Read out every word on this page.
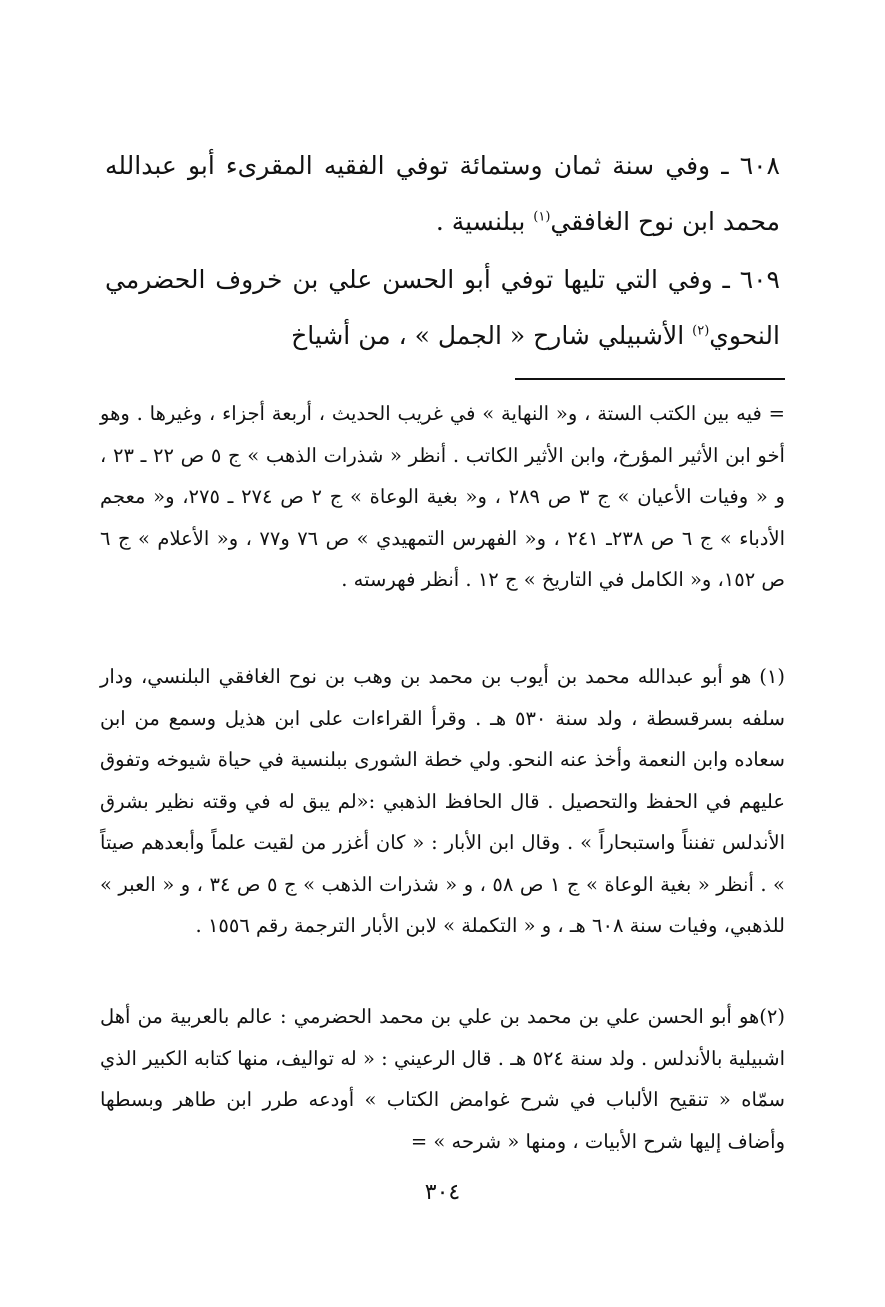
٦٠٨ ـ وفي سنة ثمان وستمائة توفي الفقيه المقرىء أبو عبدالله محمد ابن نوح الغافقي$^{(١)}$ ببلنسية .

٦٠٩ ـ وفي التي تليها توفي أبو الحسن علي بن خروف الحضرمي النحوي$^{(٢)}$ الأشبيلي شارح « الجمل » ، من أشياخ

= فيه بين الكتب الستة ، و« النهاية » في غريب الحديث ، أربعة أجزاء ، وغيرها . وهو أخو ابن الأثير المؤرخ، وابن الأثير الكاتب . أنظر « شذرات الذهب » ج ٥ ص ٢٢ ـ ٢٣ ، و « وفيات الأعيان » ج ٣ ص ٢٨٩ ، و« بغية الوعاة » ج ٢ ص ٢٧٤ ـ ٢٧٥، و« معجم الأدباء » ج ٦ ص ٢٣٨ـ ٢٤١ ، و« الفهرس التمهيدي » ص ٧٦ و٧٧ ، و« الأعلام » ج ٦ ص ١٥٢، و« الكامل في التاريخ » ج ١٢ . أنظر فهرسته .

(١) هو أبو عبدالله محمد بن أيوب بن محمد بن وهب بن نوح الغافقي البلنسي، ودار سلفه بسرقسطة ، ولد سنة ٥٣٠ هـ . وقرأ القراءات على ابن هذيل وسمع من ابن سعاده وابن النعمة وأخذ عنه النحو. ولي خطة الشورى ببلنسية في حياة شيوخه وتفوق عليهم في الحفظ والتحصيل . قال الحافظ الذهبي :«لم يبق له في وقته نظير بشرق الأندلس تفنناً واستبحاراً » . وقال ابن الأبار : « كان أغزر من لقيت علماً وأبعدهم صيتاً » . أنظر « بغية الوعاة » ج ١ ص ٥٨ ، و « شذرات الذهب » ج ٥ ص ٣٤ ، و « العبر » للذهبي، وفيات سنة ٦٠٨ هـ ، و « التكملة » لابن الأبار الترجمة رقم ١٥٥٦ .

(٢)هو أبو الحسن علي بن محمد بن علي بن محمد الحضرمي : عالم بالعربية من أهل اشبيلية بالأندلس . ولد سنة ٥٢٤ هـ . قال الرعيني : « له تواليف، منها كتابه الكبير الذي سمّاه « تنقيح الألباب في شرح غوامض الكتاب » أودعه طرر ابن طاهر وبسطها وأضاف إليها شرح الأبيات ، ومنها « شرحه » =

٣٠٤
